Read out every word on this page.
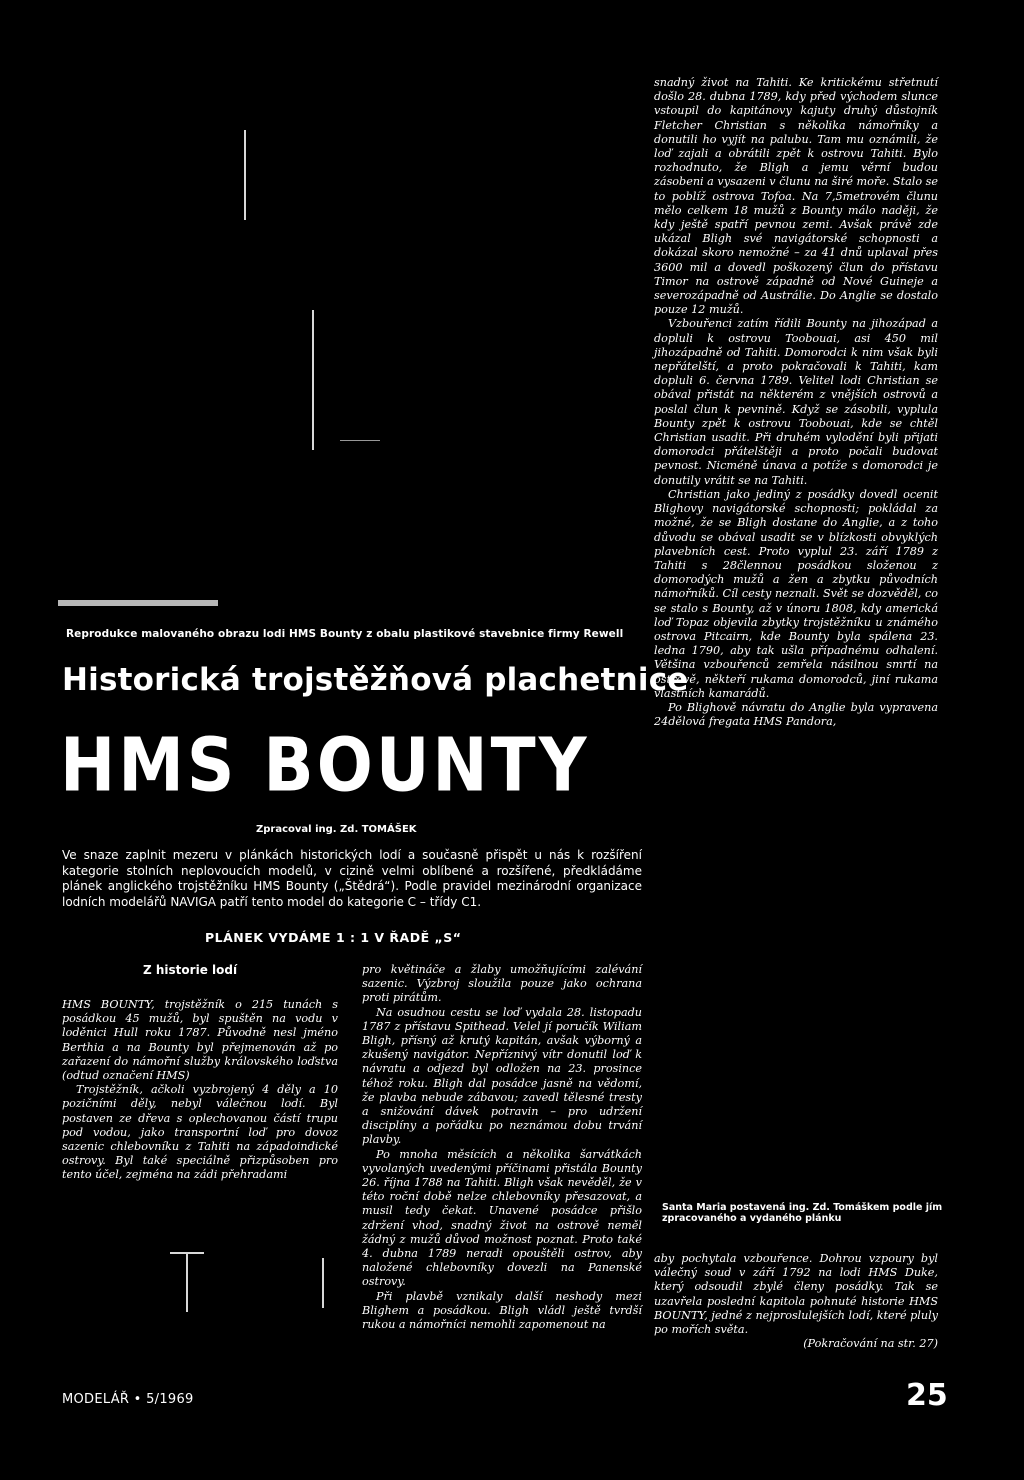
Reprodukce malovaného obrazu lodi HMS Bounty z obalu plastikové stavebnice firmy Rewell
Historická trojstěžňová plachetnice
HMS BOUNTY
Zpracoval ing. Zd. TOMÁŠEK
Ve snaze zaplnit mezeru v plánkách historických lodí a současně přispět u nás k rozšíření kategorie stolních neplovoucích modelů, v cizině velmi oblíbené a rozšířené, předkládáme plánek anglického trojstěžníku HMS Bounty („Štědrá“). Podle pravidel mezinárodní organizace lodních modelářů NAVIGA patří tento model do kategorie C – třídy C1.
PLÁNEK VYDÁME 1 : 1 V ŘADĚ „S“
Z historie lodí

HMS BOUNTY, trojstěžník o 215 tunách s posádkou 45 mužů, byl spuštěn na vodu v loděnici Hull roku 1787. Původně nesl jméno Berthia a na Bounty byl přejmenován až po zařazení do námořní služby královského loďstva (odtud označení HMS)

Trojstěžník, ačkoli vyzbrojený 4 děly a 10 pozičními děly, nebyl válečnou lodí. Byl postaven ze dřeva s oplechovanou částí trupu pod vodou, jako transportní loď pro dovoz sazenic chlebovníku z Tahiti na západoindické ostrovy. Byl také speciálně přizpůsoben pro tento účel, zejména na zádi přehradami

pro květináče a žlaby umožňujícími zalévání sazenic. Výzbroj sloužila pouze jako ochrana proti pirátům.

Na osudnou cestu se loď vydala 28. listopadu 1787 z přístavu Spithead. Velel jí poručík Wiliam Bligh, přísný až krutý kapitán, avšak výborný a zkušený navigátor. Nepříznivý vítr donutil loď k návratu a odjezd byl odložen na 23. prosince téhož roku. Bligh dal posádce jasně na vědomí, že plavba nebude zábavou; zavedl tělesné tresty a snižování dávek potravin – pro udržení disciplíny a pořádku po neznámou dobu trvání plavby.

Po mnoha měsících a několika šarvátkách vyvolaných uvedenými příčinami přistála Bounty 26. října 1788 na Tahiti. Bligh však nevěděl, že v této roční době nelze chlebovníky přesazovat, a musil tedy čekat. Unavené posádce přišlo zdržení vhod, snadný život na ostrově neměl žádný z mužů důvod možnost poznat. Proto také 4. dubna 1789 neradi opouštěli ostrov, aby naložené chlebovníky dovezli na Panenské ostrovy.

Při plavbě vznikaly další neshody mezi Blighem a posádkou. Bligh vládl ještě tvrdší rukou a námořníci nemohli zapomenout na

snadný život na Tahiti. Ke kritickému střetnutí došlo 28. dubna 1789, kdy před východem slunce vstoupil do kapitánovy kajuty druhý důstojník Fletcher Christian s několika námořníky a donutili ho vyjít na palubu. Tam mu oznámili, že loď zajali a obrátili zpět k ostrovu Tahiti. Bylo rozhodnuto, že Bligh a jemu věrní budou zásobeni a vysazeni v člunu na širé moře. Stalo se to poblíž ostrova Tofoa. Na 7,5metrovém člunu mělo celkem 18 mužů z Bounty málo naději, že kdy ještě spatří pevnou zemi. Avšak právě zde ukázal Bligh své navigátorské schopnosti a dokázal skoro nemožné – za 41 dnů uplaval přes 3600 mil a dovedl poškozený člun do přístavu Timor na ostrově západně od Nové Guineje a severozápadně od Austrálie. Do Anglie se dostalo pouze 12 mužů.

Vzbouřenci zatím řídili Bounty na jihozápad a dopluli k ostrovu Toobouai, asi 450 mil jihozápadně od Tahiti. Domorodci k nim však byli nepřátelští, a proto pokračovali k Tahiti, kam dopluli 6. června 1789. Velitel lodi Christian se obával přistát na některém z vnějších ostrovů a poslal člun k pevnině. Když se zásobili, vyplula Bounty zpět k ostrovu Toobouai, kde se chtěl Christian usadit. Při druhém vylodění byli přijati domorodci přátelštěji a proto počali budovat pevnost. Nicméně únava a potíže s domorodci je donutily vrátit se na Tahiti.

Christian jako jediný z posádky dovedl ocenit Blighovy navigátorské schopnosti; pokládal za možné, že se Bligh dostane do Anglie, a z toho důvodu se obával usadit se v blízkosti obvyklých plavebních cest. Proto vyplul 23. září 1789 z Tahiti s 28člennou posádkou složenou z domorodých mužů a žen a zbytku původních námořníků. Cíl cesty neznali. Svět se dozvěděl, co se stalo s Bounty, až v únoru 1808, kdy americká loď Topaz objevila zbytky trojstěžníku u známého ostrova Pitcairn, kde Bounty byla spálena 23. ledna 1790, aby tak ušla případnému odhalení. Většina vzbouřenců zemřela násilnou smrtí na ostrově, někteří rukama domorodců, jiní rukama vlastních kamarádů.

Po Blighově návratu do Anglie byla vypravena 24dělová fregata HMS Pandora,

Santa Maria postavená ing. Zd. Tomáškem podle jím zpracovaného a vydaného plánku

aby pochytala vzbouřence. Dohrou vzpoury byl válečný soud v září 1792 na lodi HMS Duke, který odsoudil zbylé členy posádky. Tak se uzavřela poslední kapitola pohnuté historie HMS BOUNTY, jedné z nejproslulejších lodí, které pluly po mořích světa.

(Pokračování na str. 27)
MODELÁŘ • 5/1969	25
